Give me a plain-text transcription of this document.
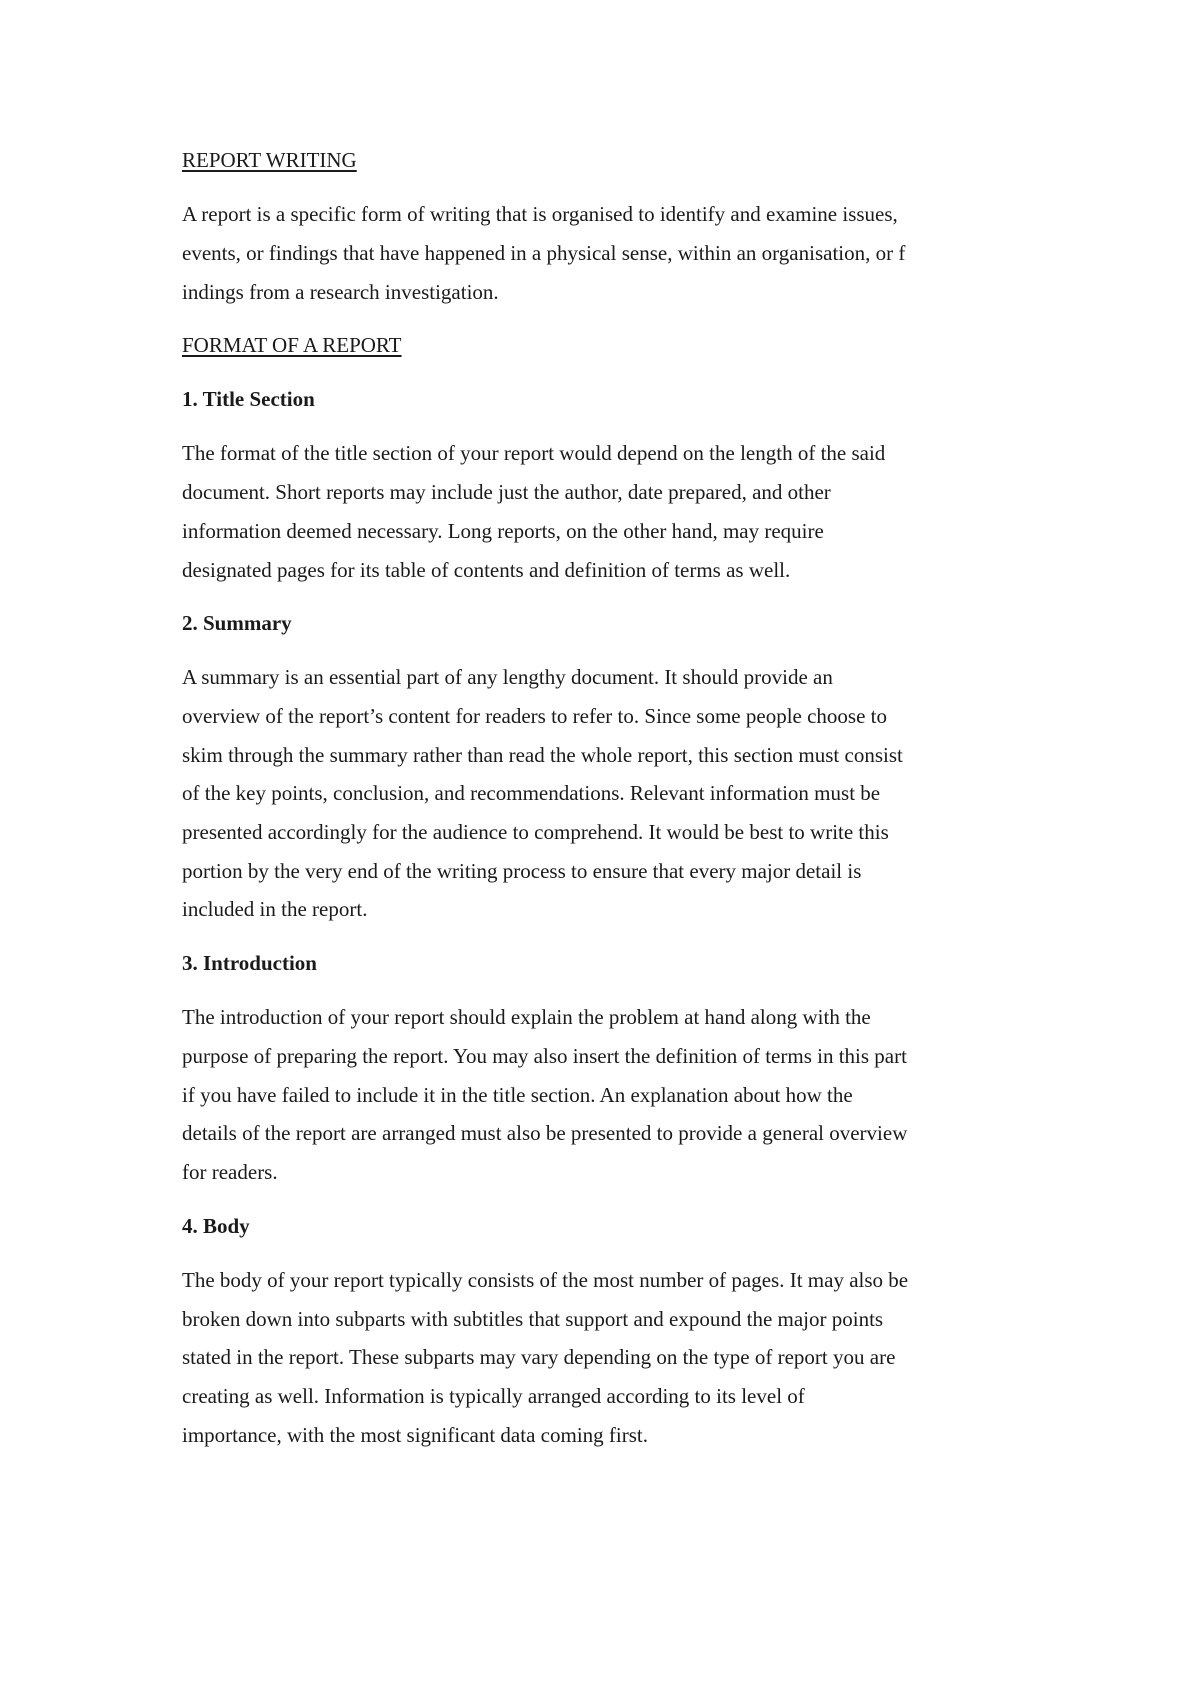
REPORT WRITING
A report is a specific form of writing that is organised to identify and examine issues,
events, or findings that have happened in a physical sense, within an organisation, or f
indings from a research investigation.
FORMAT OF A REPORT
1. Title Section
The format of the title section of your report would depend on the length of the said
document. Short reports may include just the author, date prepared, and other
information deemed necessary. Long reports, on the other hand, may require
designated pages for its table of contents and definition of terms as well.
2. Summary
A summary is an essential part of any lengthy document. It should provide an
overview of the report’s content for readers to refer to. Since some people choose to
skim through the summary rather than read the whole report, this section must consist
of the key points, conclusion, and recommendations. Relevant information must be
presented accordingly for the audience to comprehend. It would be best to write this
portion by the very end of the writing process to ensure that every major detail is
included in the report.
3. Introduction
The introduction of your report should explain the problem at hand along with the
purpose of preparing the report. You may also insert the definition of terms in this part
if you have failed to include it in the title section. An explanation about how the
details of the report are arranged must also be presented to provide a general overview
for readers.
4. Body
The body of your report typically consists of the most number of pages. It may also be
broken down into subparts with subtitles that support and expound the major points
stated in the report. These subparts may vary depending on the type of report you are
creating as well. Information is typically arranged according to its level of
importance, with the most significant data coming first.
